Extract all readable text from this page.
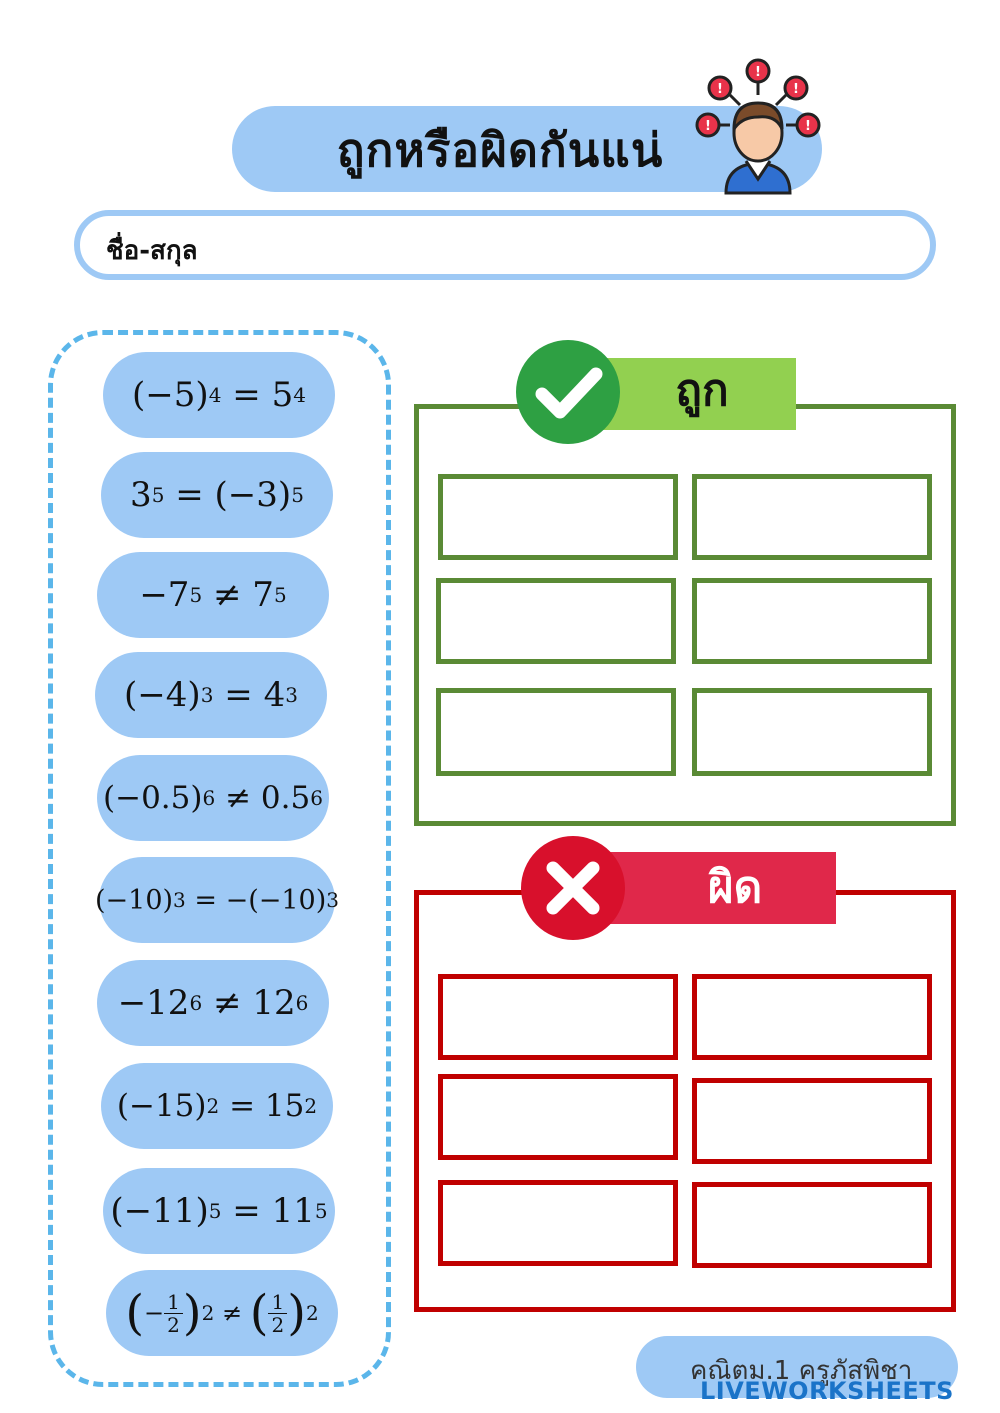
ถูกหรือผิดกันแน่
!
!
!
!	!
ชื่อ-สกุล
(−5) 4
=
5 4
3 5
=
(−3) 5
−7 5
≠
7 5
(−4) 3
=
4 3
(−0.5) 6
≠
0.5 6
(−10) 3
=
−(−10) 3
−12 6
≠
12 6
(−15) 2
=
15 2
(−11) 5
=
11 5
( − $\frac{1}{2}$ ) 2
≠
( $\frac{1}{2}$ ) 2
ถูก
ผิด
คณิตม.1 ครูภัสพิชา
LIVEWORKSHEETS
